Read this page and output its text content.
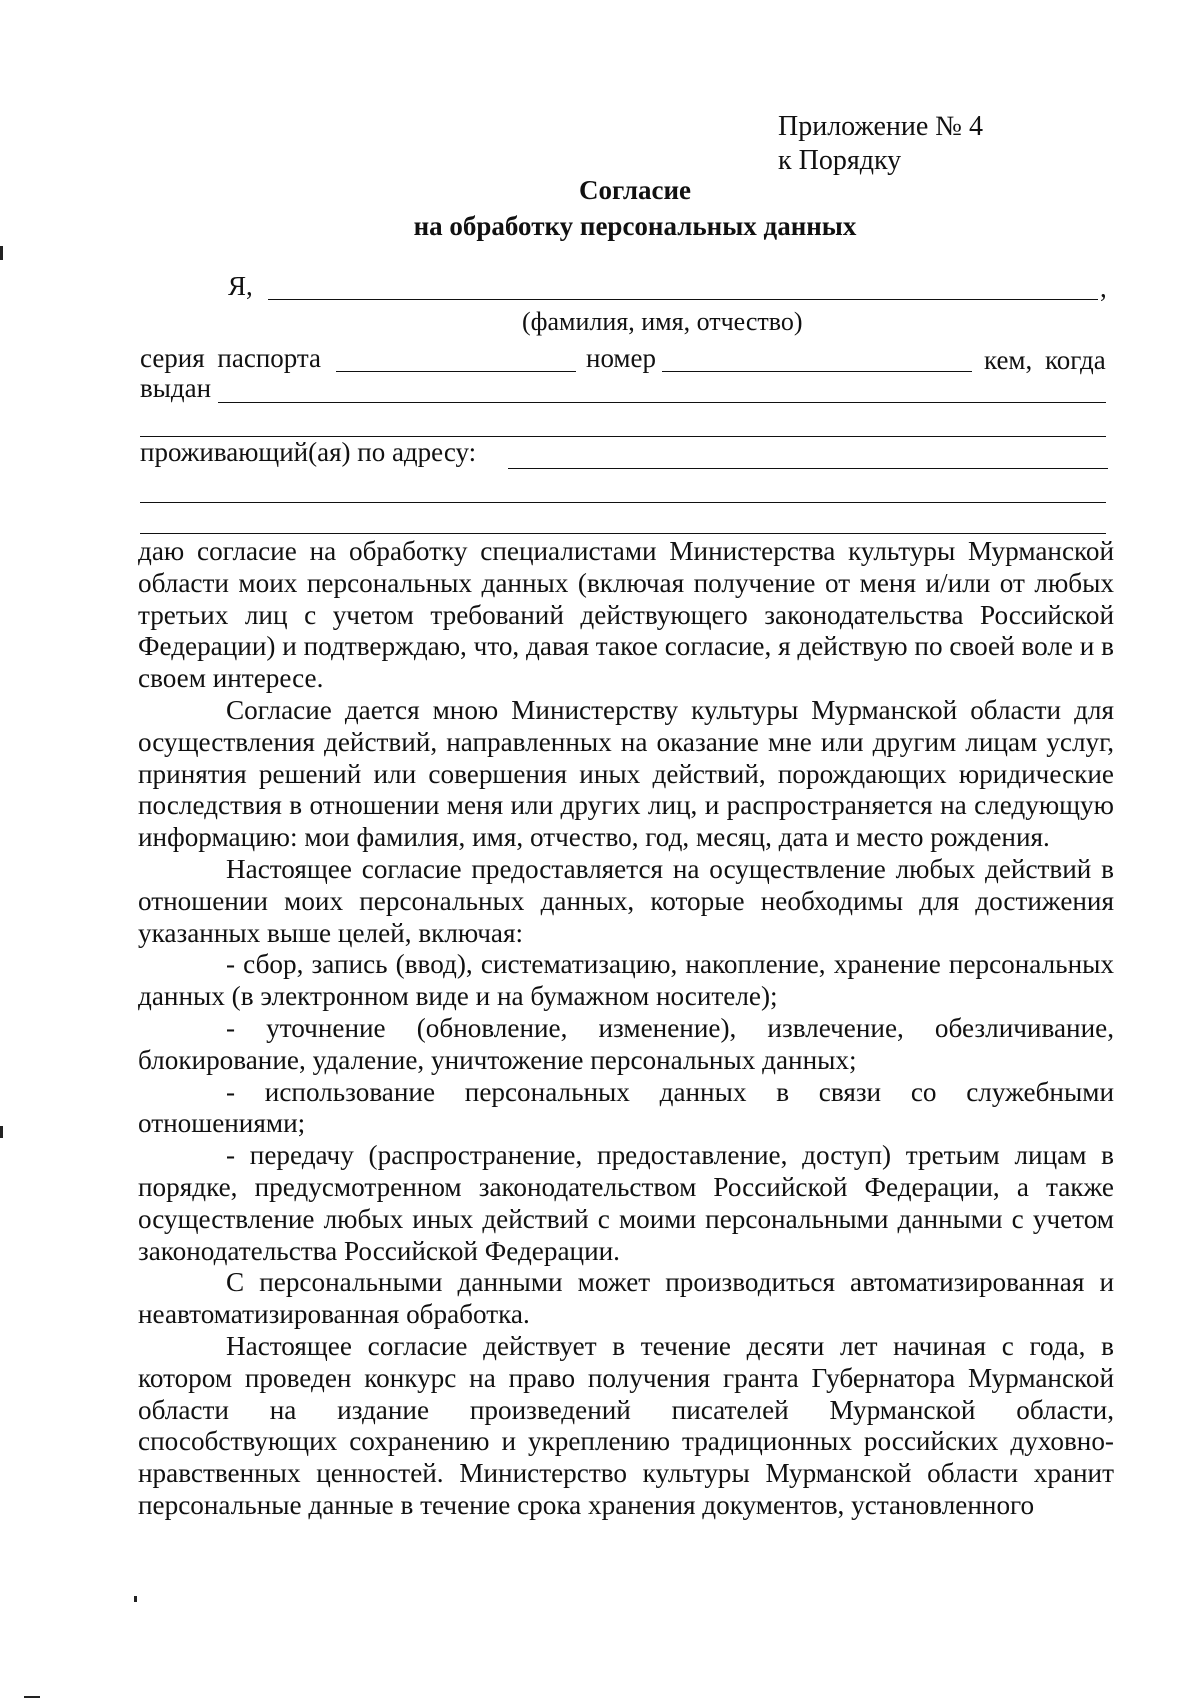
Приложение № 4
к Порядку
Согласие
на обработку персональных данных
Я,	,
(фамилия, имя, отчество)
серия паспорта	номер	кем, когда
выдан
проживающий(ая) по адресу:

даю согласие на обработку специалистами Министерства культуры Мурманской области моих персональных данных (включая получение от меня и/или от любых третьих лиц с учетом требований действующего законодательства Российской Федерации) и подтверждаю, что, давая такое согласие, я действую по своей воле и в своем интересе.

Согласие дается мною Министерству культуры Мурманской области для осуществления действий, направленных на оказание мне или другим лицам услуг, принятия решений или совершения иных действий, порождающих юридические последствия в отношении меня или других лиц, и распространяется на следующую информацию: мои фамилия, имя, отчество, год, месяц, дата и место рождения.

Настоящее согласие предоставляется на осуществление любых действий в отношении моих персональных данных, которые необходимы для достижения указанных выше целей, включая:

- сбор, запись (ввод), систематизацию, накопление, хранение персональных данных (в электронном виде и на бумажном носителе);

- уточнение (обновление, изменение), извлечение, обезличивание, блокирование, удаление, уничтожение персональных данных;

- использование персональных данных в связи со служебными отношениями;

- передачу (распространение, предоставление, доступ) третьим лицам в порядке, предусмотренном законодательством Российской Федерации, а также осуществление любых иных действий с моими персональными данными с учетом законодательства Российской Федерации.

С персональными данными может производиться автоматизированная и неавтоматизированная обработка.

Настоящее согласие действует в течение десяти лет начиная с года, в котором проведен конкурс на право получения гранта Губернатора Мурманской области на издание произведений писателей Мурманской области, способствующих сохранению и укреплению традиционных российских духовно-нравственных ценностей. Министерство культуры Мурманской области хранит персональные данные в течение срока хранения документов, установленного
